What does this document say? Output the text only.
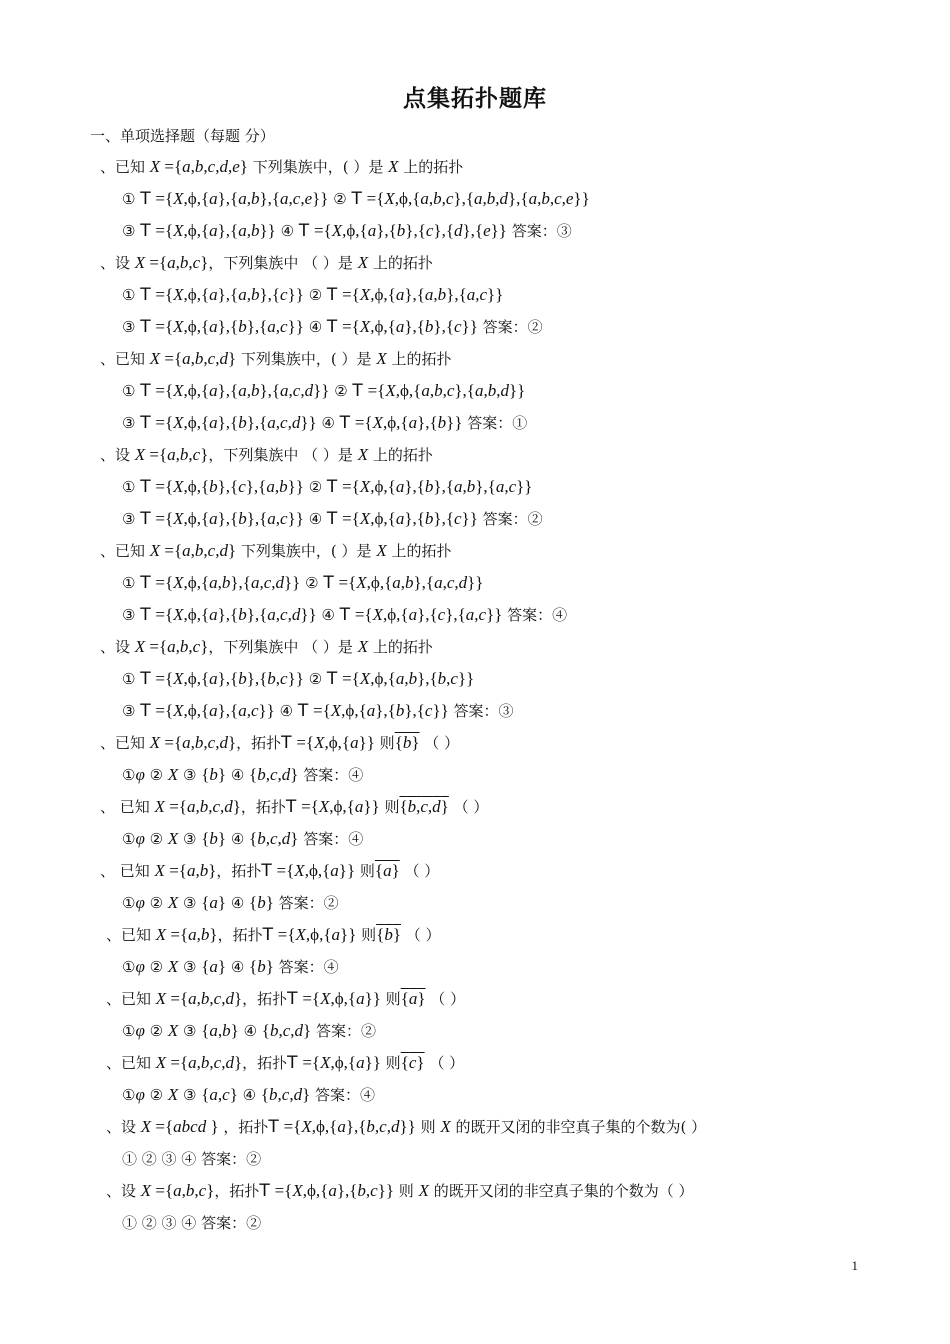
点集拓扑题库
一、单项选择题（每题 分）
、已知 X ={a,b,c,d,e} 下列集族中，( ）是 X 上的拓扑
① T ={X,ϕ,{a},{a,b},{a,c,e}} ② T ={X,ϕ,{a,b,c},{a,b,d},{a,b,c,e}}
③ T ={X,ϕ,{a},{a,b}} ④ T ={X,ϕ,{a},{b},{c},{d},{e}} 答案：③
、设 X ={a,b,c}，下列集族中 （ ）是 X 上的拓扑
① T ={X,ϕ,{a},{a,b},{c}} ② T ={X,ϕ,{a},{a,b},{a,c}}
③ T ={X,ϕ,{a},{b},{a,c}} ④ T ={X,ϕ,{a},{b},{c}} 答案：②
、已知 X ={a,b,c,d} 下列集族中，( ）是 X 上的拓扑
① T ={X,ϕ,{a},{a,b},{a,c,d}} ② T ={X,ϕ,{a,b,c},{a,b,d}}
③ T ={X,ϕ,{a},{b},{a,c,d}} ④ T ={X,ϕ,{a},{b}} 答案：①
、设 X ={a,b,c}，下列集族中 （ ）是 X 上的拓扑
① T ={X,ϕ,{b},{c},{a,b}} ② T ={X,ϕ,{a},{b},{a,b},{a,c}}
③ T ={X,ϕ,{a},{b},{a,c}} ④ T ={X,ϕ,{a},{b},{c}} 答案：②
、已知 X ={a,b,c,d} 下列集族中，( ）是 X 上的拓扑
① T ={X,ϕ,{a,b},{a,c,d}} ② T ={X,ϕ,{a,b},{a,c,d}}
③ T ={X,ϕ,{a},{b},{a,c,d}} ④ T ={X,ϕ,{a},{c},{a,c}} 答案：④
、设 X ={a,b,c}，下列集族中 （ ）是 X 上的拓扑
① T ={X,ϕ,{a},{b},{b,c}} ② T ={X,ϕ,{a,b},{b,c}}
③ T ={X,ϕ,{a},{a,c}} ④ T ={X,ϕ,{a},{b},{c}} 答案：③
、已知 X ={a,b,c,d}，拓扑T ={X,ϕ,{a}} 则{b} （ ）
①φ ② X ③ {b} ④ {b,c,d} 答案：④
、 已知 X ={a,b,c,d}，拓扑T ={X,ϕ,{a}} 则{b,c,d} （ ）
①φ ② X ③ {b} ④ {b,c,d} 答案：④
、 已知 X ={a,b}，拓扑T ={X,ϕ,{a}} 则{a} （ ）
①φ ② X ③ {a} ④ {b} 答案：②
、已知 X ={a,b}，拓扑T ={X,ϕ,{a}} 则{b} （ ）
①φ ② X ③ {a} ④ {b} 答案：④
、已知 X ={a,b,c,d}，拓扑T ={X,ϕ,{a}} 则{a} （ ）
①φ ② X ③ {a,b} ④ {b,c,d} 答案：②
、已知 X ={a,b,c,d}，拓扑T ={X,ϕ,{a}} 则{c} （ ）
①φ ② X ③ {a,c} ④ {b,c,d} 答案：④
、设 X ={abcd } ，拓扑T ={X,ϕ,{a},{b,c,d}} 则 X 的既开又闭的非空真子集的个数为( ）
① ② ③ ④ 答案：②
、设 X ={a,b,c}，拓扑T ={X,ϕ,{a},{b,c}} 则 X 的既开又闭的非空真子集的个数为（ ）
① ② ③ ④ 答案：②
1
